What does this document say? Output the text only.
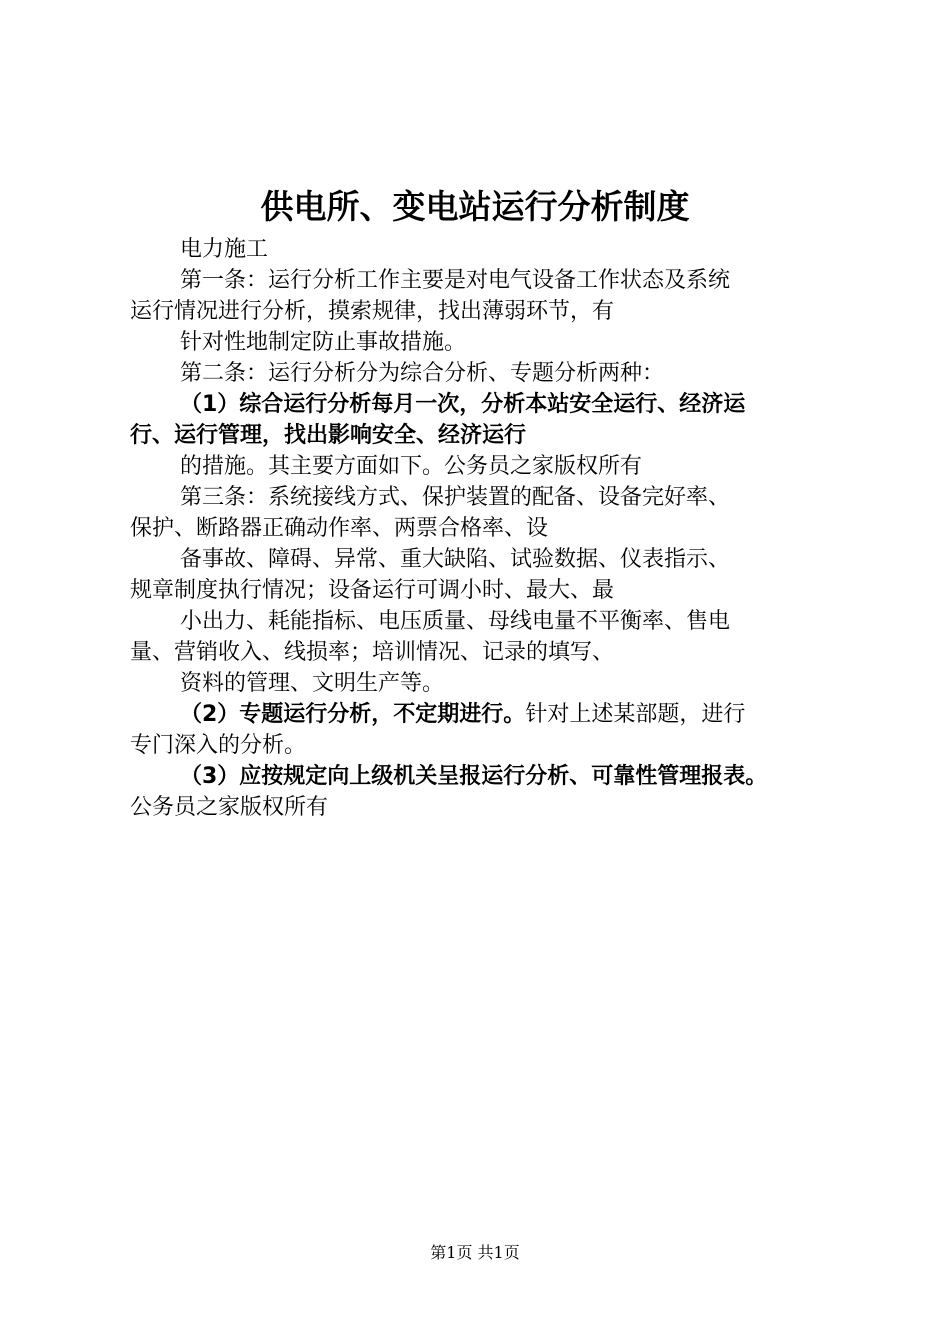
供电所、变电站运行分析制度
电力施工
第一条：运行分析工作主要是对电气设备工作状态及系统
运行情况进行分析，摸索规律，找出薄弱环节，有
针对性地制定防止事故措施。
第二条：运行分析分为综合分析、专题分析两种：
（1）综合运行分析每月一次，分析本站安全运行、经济运
行、运行管理，找出影响安全、经济运行
的措施。其主要方面如下。公务员之家版权所有
第三条：系统接线方式、保护装置的配备、设备完好率、
保护、断路器正确动作率、两票合格率、设
备事故、障碍、异常、重大缺陷、试验数据、仪表指示、
规章制度执行情况；设备运行可调小时、最大、最
小出力、耗能指标、电压质量、母线电量不平衡率、售电
量、营销收入、线损率；培训情况、记录的填写、
资料的管理、文明生产等。
（2）专题运行分析，不定期进行。针对上述某部题，进行
专门深入的分析。
（3）应按规定向上级机关呈报运行分析、可靠性管理报表。
公务员之家版权所有
第1页 共1页
